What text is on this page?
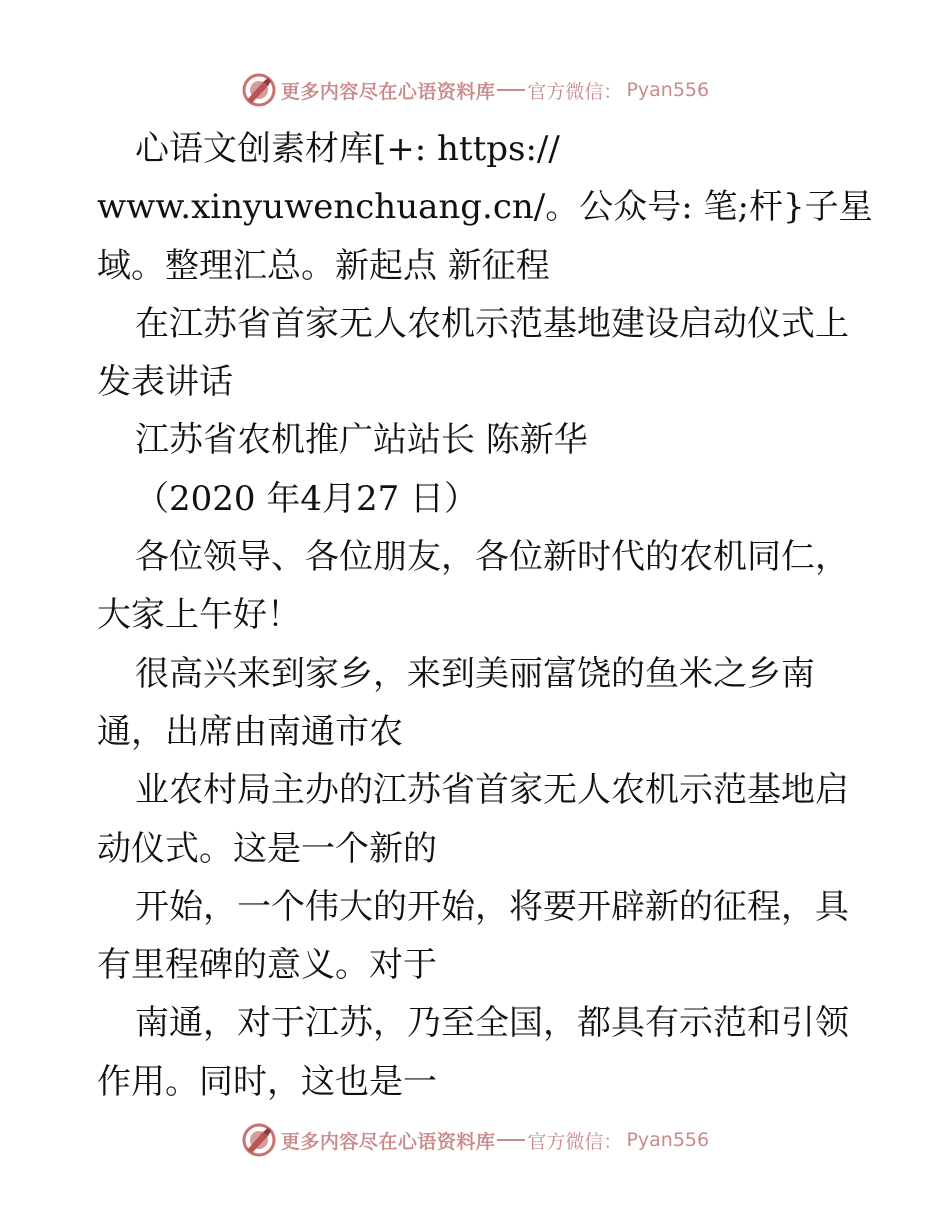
更多内容尽在心语资料库 官方微信： Pyan556
心语文创素材库[+: https://
www.xinyuwenchuang.cn/。公众号: 笔;杆}子星
域。整理汇总。新起点 新征程
在江苏省首家无人农机示范基地建设启动仪式上
发表讲话
江苏省农机推广站站长 陈新华
（2020 年4月27 日）
各位领导、各位朋友，各位新时代的农机同仁，
大家上午好！
很高兴来到家乡，来到美丽富饶的鱼米之乡南
通，出席由南通市农
业农村局主办的江苏省首家无人农机示范基地启
动仪式。这是一个新的
开始，一个伟大的开始，将要开辟新的征程，具
有里程碑的意义。对于
南通，对于江苏，乃至全国，都具有示范和引领
作用。同时，这也是一
更多内容尽在心语资料库 官方微信： Pyan556
